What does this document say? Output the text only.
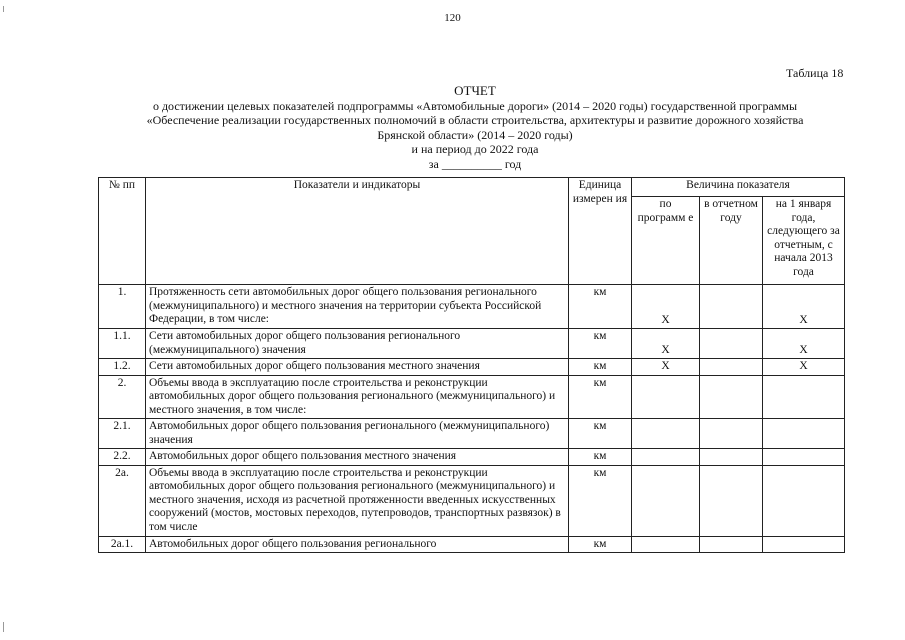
120
Таблица 18
ОТЧЕТ
о достижении целевых показателей подпрограммы «Автомобильные дороги» (2014 – 2020 годы) государственной программы
«Обеспечение реализации государственных полномочий в области строительства, архитектуры и развитие дорожного хозяйства
Брянской области» (2014 – 2020 годы)
и на период до 2022 года
за __________ год
№ пп	Показатели и индикаторы	Единица измерен ия	Величина показателя		
			по программ е	в отчетном году	на 1 января года, следующего за отчетным, с начала 2013 года
1.	Протяженность сети автомобильных дорог общего пользования регионального (межмуниципального) и местного значения на территории субъекта Российской Федерации, в том числе:	км	Х		Х
1.1.	Сети автомобильных дорог общего пользования регионального (межмуниципального) значения	км	Х		Х
1.2.	Сети автомобильных дорог общего пользования местного значения	км	Х		Х
2.	Объемы ввода в эксплуатацию после строительства и реконструкции автомобильных дорог общего пользования регионального (межмуниципального) и местного значения, в том числе:	км			
2.1.	Автомобильных дорог общего пользования регионального (межмуниципального) значения	км			
2.2.	Автомобильных дорог общего пользования местного значения	км			
2а.	Объемы ввода в эксплуатацию после строительства и реконструкции автомобильных дорог общего пользования регионального (межмуниципального) и местного значения, исходя из расчетной протяженности введенных искусственных сооружений (мостов, мостовых переходов, путепроводов, транспортных развязок) в том числе	км			
2а.1.	Автомобильных дорог общего пользования регионального	км			
